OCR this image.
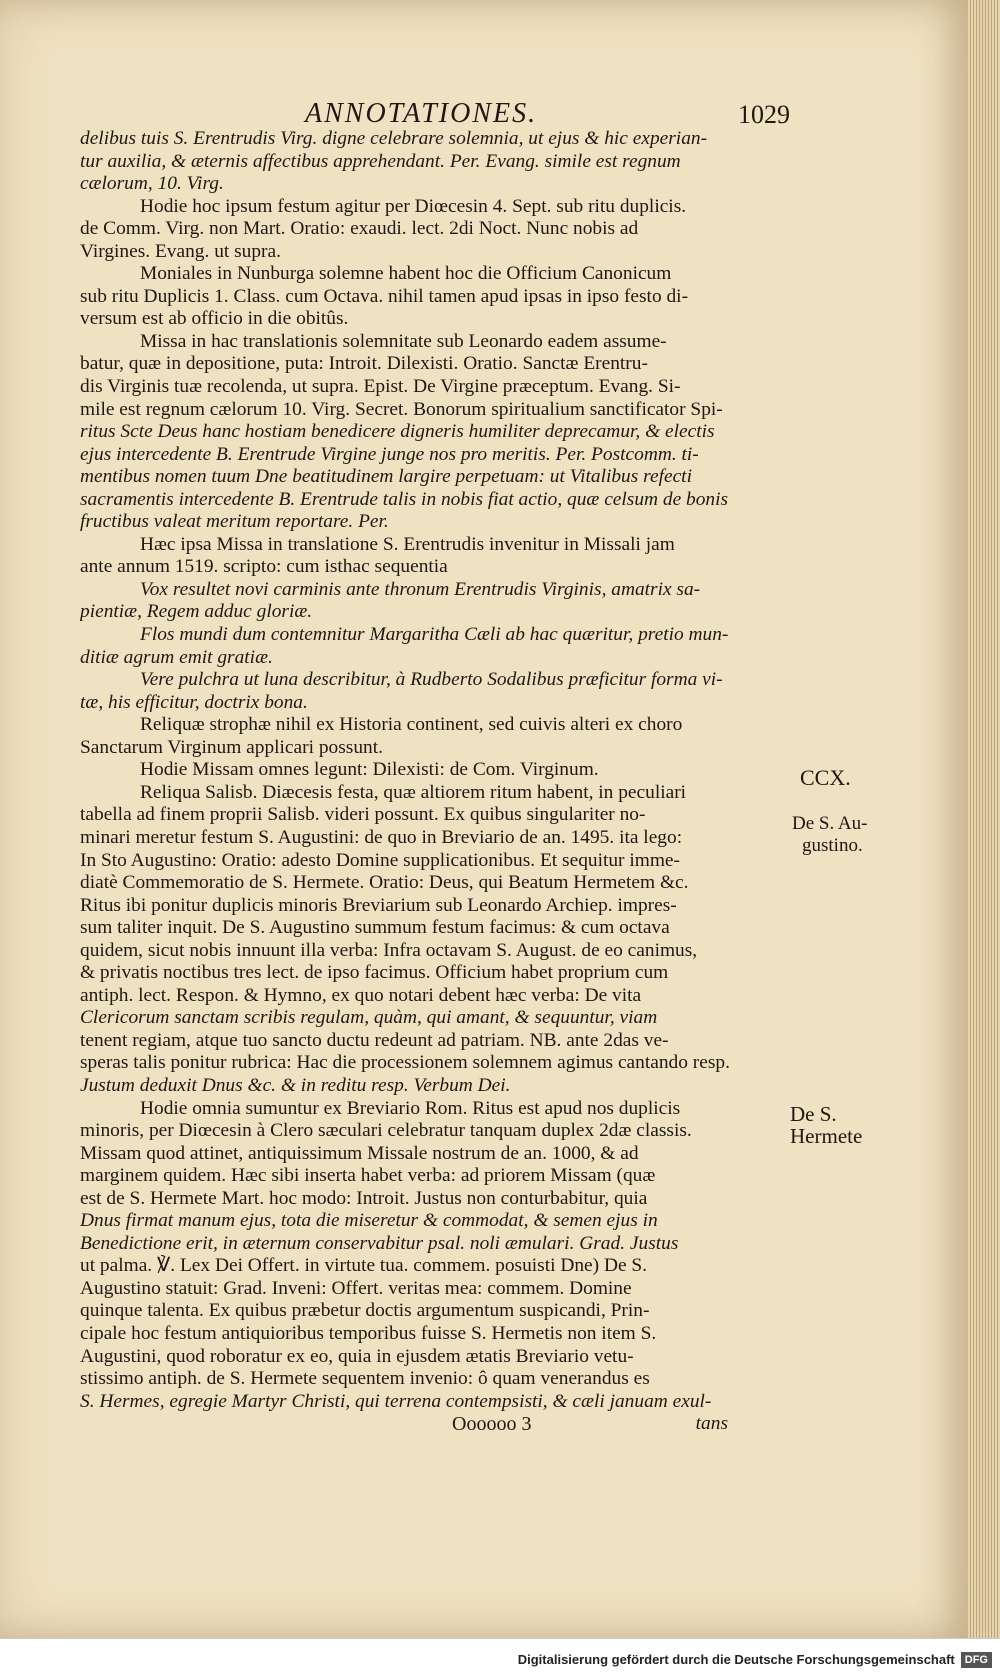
ANNOTATIONES.	1029
delibus tuis S. Erentrudis Virg. digne celebrare solemnia, ut ejus & hic experian-
tur auxilia, & æternis affectibus apprehendant. Per. Evang. simile est regnum
cælorum, 10. Virg.
Hodie hoc ipsum festum agitur per Diœcesin 4. Sept. sub ritu duplicis.
de Comm. Virg. non Mart. Oratio: exaudi. lect. 2di Noct. Nunc nobis ad
Virgines. Evang. ut supra.
Moniales in Nunburga solemne habent hoc die Officium Canonicum
sub ritu Duplicis 1. Class. cum Octava. nihil tamen apud ipsas in ipso festo di-
versum est ab officio in die obitûs.
Missa in hac translationis solemnitate sub Leonardo eadem assume-
batur, quæ in depositione, puta: Introit. Dilexisti. Oratio. Sanctæ Erentru-
dis Virginis tuæ recolenda, ut supra. Epist. De Virgine præceptum. Evang. Si-
mile est regnum cælorum 10. Virg. Secret. Bonorum spiritualium sanctificator Spi-
ritus Scte Deus hanc hostiam benedicere digneris humiliter deprecamur, & electis
ejus intercedente B. Erentrude Virgine junge nos pro meritis. Per. Postcomm. ti-
mentibus nomen tuum Dne beatitudinem largire perpetuam: ut Vitalibus refecti
sacramentis intercedente B. Erentrude talis in nobis fiat actio, quæ celsum de bonis
fructibus valeat meritum reportare. Per.
Hæc ipsa Missa in translatione S. Erentrudis invenitur in Missali jam
ante annum 1519. scripto: cum isthac sequentia
Vox resultet novi carminis ante thronum Erentrudis Virginis, amatrix sa-
pientiæ, Regem adduc gloriæ.
Flos mundi dum contemnitur Margaritha Cæli ab hac quæritur, pretio mun-
ditiæ agrum emit gratiæ.
Vere pulchra ut luna describitur, à Rudberto Sodalibus præficitur forma vi-
tæ, his efficitur, doctrix bona.
Reliquæ strophæ nihil ex Historia continent, sed cuivis alteri ex choro
Sanctarum Virginum applicari possunt.
Hodie Missam omnes legunt: Dilexisti: de Com. Virginum.
Reliqua Salisb. Diæcesis festa, quæ altiorem ritum habent, in peculiari
tabella ad finem proprii Salisb. videri possunt. Ex quibus singulariter no-
minari meretur festum S. Augustini: de quo in Breviario de an. 1495. ita lego:
In Sto Augustino: Oratio: adesto Domine supplicationibus. Et sequitur imme-
diatè Commemoratio de S. Hermete. Oratio: Deus, qui Beatum Hermetem &c.
Ritus ibi ponitur duplicis minoris Breviarium sub Leonardo Archiep. impres-
sum taliter inquit. De S. Augustino summum festum facimus: & cum octava
quidem, sicut nobis innuunt illa verba: Infra octavam S. August. de eo canimus,
& privatis noctibus tres lect. de ipso facimus. Officium habet proprium cum
antiph. lect. Respon. & Hymno, ex quo notari debent hæc verba: De vita
Clericorum sanctam scribis regulam, quàm, qui amant, & sequuntur, viam
tenent regiam, atque tuo sancto ductu redeunt ad patriam. NB. ante 2das ve-
speras talis ponitur rubrica: Hac die processionem solemnem agimus cantando resp.
Justum deduxit Dnus &c. & in reditu resp. Verbum Dei.
Hodie omnia sumuntur ex Breviario Rom. Ritus est apud nos duplicis
minoris, per Diœcesin à Clero sæculari celebratur tanquam duplex 2dæ classis.
Missam quod attinet, antiquissimum Missale nostrum de an. 1000, & ad
marginem quidem. Hæc sibi inserta habet verba: ad priorem Missam (quæ
est de S. Hermete Mart. hoc modo: Introit. Justus non conturbabitur, quia
Dnus firmat manum ejus, tota die miseretur & commodat, & semen ejus in
Benedictione erit, in æternum conservabitur psal. noli æmulari. Grad. Justus
ut palma. ℣. Lex Dei Offert. in virtute tua. commem. posuisti Dne) De S.
Augustino statuit: Grad. Inveni: Offert. veritas mea: commem. Domine
quinque talenta. Ex quibus præbetur doctis argumentum suspicandi, Prin-
cipale hoc festum antiquioribus temporibus fuisse S. Hermetis non item S.
Augustini, quod roboratur ex eo, quia in ejusdem ætatis Breviario vetu-
stissimo antiph. de S. Hermete sequentem invenio: ô quam venerandus es
S. Hermes, egregie Martyr Christi, qui terrena contempsisti, & cæli januam exul-
Oooooo 3	tans
CCX.
De S. Au-
gustino.
De S.
Hermete
Digitalisierung gefördert durch die Deutsche Forschungsgemeinschaft DFG
